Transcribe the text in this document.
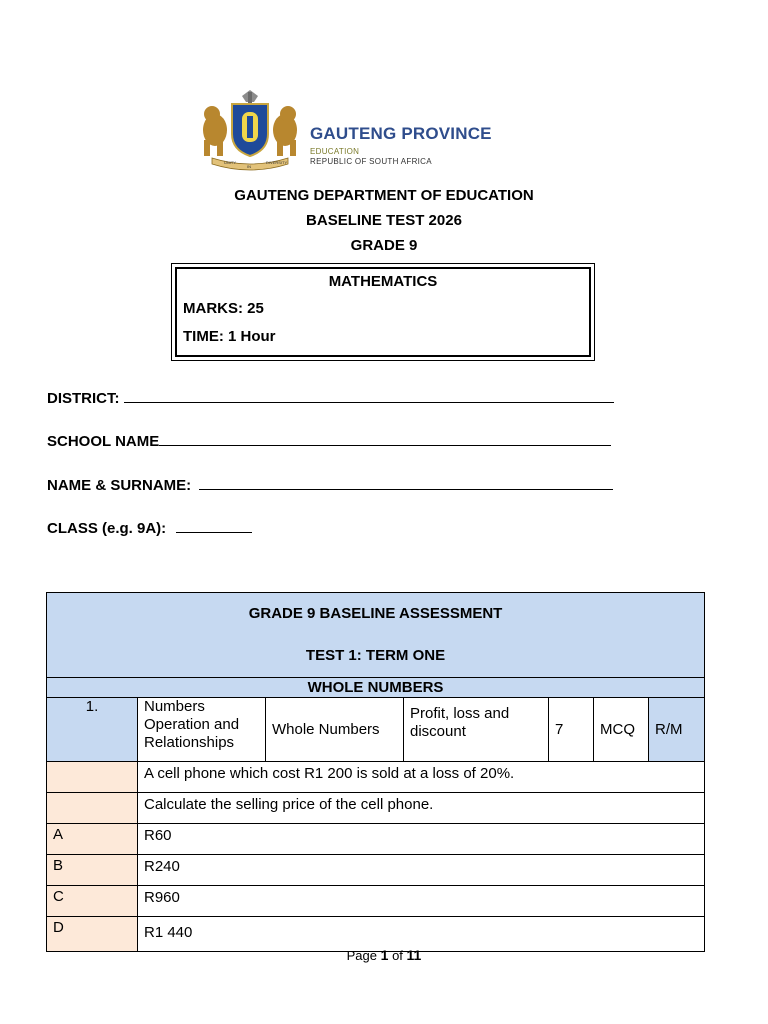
UNITY
IN
DIVERSITY
GAUTENG PROVINCE
EDUCATION
REPUBLIC OF SOUTH AFRICA
GAUTENG DEPARTMENT OF EDUCATION
BASELINE TEST 2026
GRADE 9
MATHEMATICS
MARKS: 25
TIME: 1 Hour
DISTRICT:
SCHOOL NAME
NAME & SURNAME:
CLASS (e.g. 9A):
GRADE 9 BASELINE ASSESSMENT
TEST 1: TERM ONE						

WHOLE NUMBERS						
1.	Numbers Operation and Relationships	Whole Numbers	Profit, loss and discount	7	MCQ	R/M
	A cell phone which cost R1 200 is sold at a loss of 20%.					
	Calculate the selling price of the cell phone.					
A	R60					
B	R240					
C	R960					
D	R1 440					
Page 1 of 11
